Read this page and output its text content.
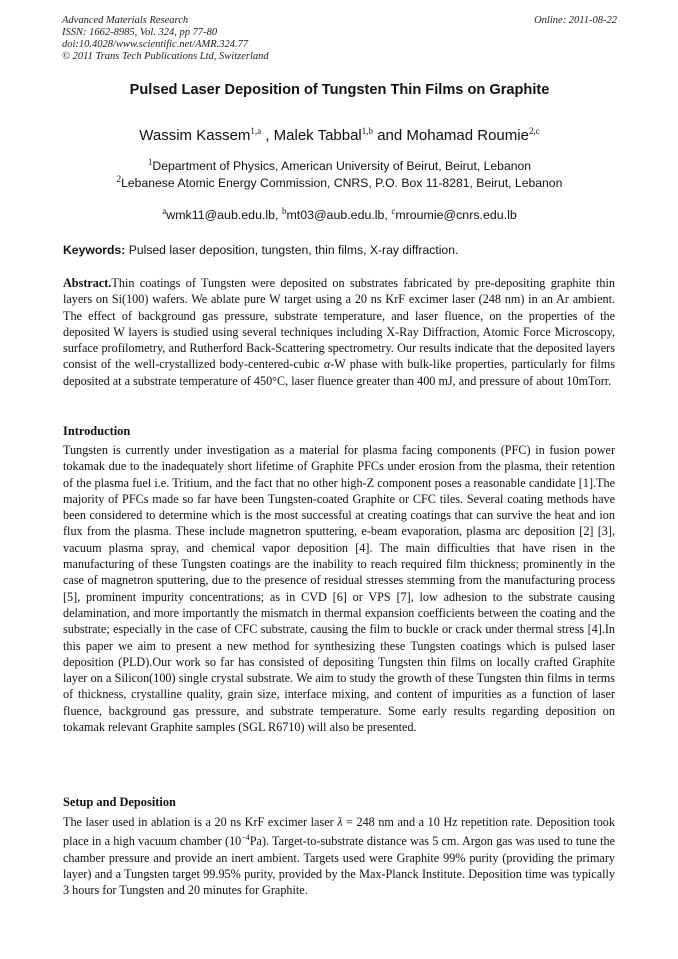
Advanced Materials Research
ISSN: 1662-8985, Vol. 324, pp 77-80
doi:10.4028/www.scientific.net/AMR.324.77
© 2011 Trans Tech Publications Ltd, Switzerland
Online: 2011-08-22
Pulsed Laser Deposition of Tungsten Thin Films on Graphite
Wassim Kassem$^{1,a}$ , Malek Tabbal$^{1,b}$ and Mohamad Roumie$^{2,c}$
$^1$Department of Physics, American University of Beirut, Beirut, Lebanon
$^2$Lebanese Atomic Energy Commission, CNRS, P.O. Box 11-8281, Beirut, Lebanon
$^a$wmk11@aub.edu.lb, $^b$mt03@aub.edu.lb, $^c$mroumie@cnrs.edu.lb
Keywords: Pulsed laser deposition, tungsten, thin films, X-ray diffraction.
Abstract.Thin coatings of Tungsten were deposited on substrates fabricated by pre-depositing graphite thin layers on Si(100) wafers. We ablate pure W target using a 20 ns KrF excimer laser (248 nm) in an Ar ambient. The effect of background gas pressure, substrate temperature, and laser fluence, on the properties of the deposited W layers is studied using several techniques including X-Ray Diffraction, Atomic Force Microscopy, surface profilometry, and Rutherford Back-Scattering spectrometry. Our results indicate that the deposited layers consist of the well-crystallized body-centered-cubic α-W phase with bulk-like properties, particularly for films deposited at a substrate temperature of 450°C, laser fluence greater than 400 mJ, and pressure of about 10mTorr.
Introduction
Tungsten is currently under investigation as a material for plasma facing components (PFC) in fusion power tokamak due to the inadequately short lifetime of Graphite PFCs under erosion from the plasma, their retention of the plasma fuel i.e. Tritium, and the fact that no other high-Z component poses a reasonable candidate [1].The majority of PFCs made so far have been Tungsten-coated Graphite or CFC tiles. Several coating methods have been considered to determine which is the most successful at creating coatings that can survive the heat and ion flux from the plasma. These include magnetron sputtering, e-beam evaporation, plasma arc deposition [2] [3], vacuum plasma spray, and chemical vapor deposition [4]. The main difficulties that have risen in the manufacturing of these Tungsten coatings are the inability to reach required film thickness; prominently in the case of magnetron sputtering, due to the presence of residual stresses stemming from the manufacturing process [5], prominent impurity concentrations; as in CVD [6] or VPS [7], low adhesion to the substrate causing delamination, and more importantly the mismatch in thermal expansion coefficients between the coating and the substrate; especially in the case of CFC substrate, causing the film to buckle or crack under thermal stress [4].In this paper we aim to present a new method for synthesizing these Tungsten coatings which is pulsed laser deposition (PLD).Our work so far has consisted of depositing Tungsten thin films on locally crafted Graphite layer on a Silicon(100) single crystal substrate. We aim to study the growth of these Tungsten thin films in terms of thickness, crystalline quality, grain size, interface mixing, and content of impurities as a function of laser fluence, background gas pressure, and substrate temperature. Some early results regarding deposition on tokamak relevant Graphite samples (SGL R6710) will also be presented.
Setup and Deposition
The laser used in ablation is a 20 ns KrF excimer laser λ = 248 nm and a 10 Hz repetition rate. Deposition took place in a high vacuum chamber $(10^{-4}Pa)$. Target-to-substrate distance was 5 cm. Argon gas was used to tune the chamber pressure and provide an inert ambient. Targets used were Graphite 99% purity (providing the primary layer) and a Tungsten target 99.95% purity, provided by the Max-Planck Institute. Deposition time was typically 3 hours for Tungsten and 20 minutes for Graphite.
